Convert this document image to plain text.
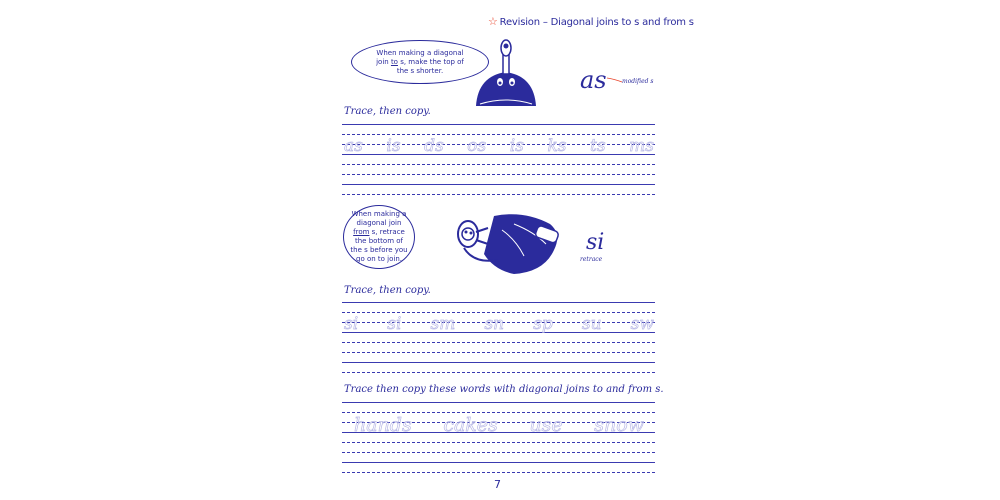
☆ Revision – Diagonal joins to s and from s
When making a diagonal join to s, make the top of the s shorter.	as	modified s
Trace, then copy.
as is ds os is ks ts ms
When making a diagonal join from s, retrace the bottom of the s before you go on to join.
si
retrace
Trace, then copy.
si si sm sn sp su sw
Trace then copy these words with diagonal joins to and from s.
hands cakes use snow
7
